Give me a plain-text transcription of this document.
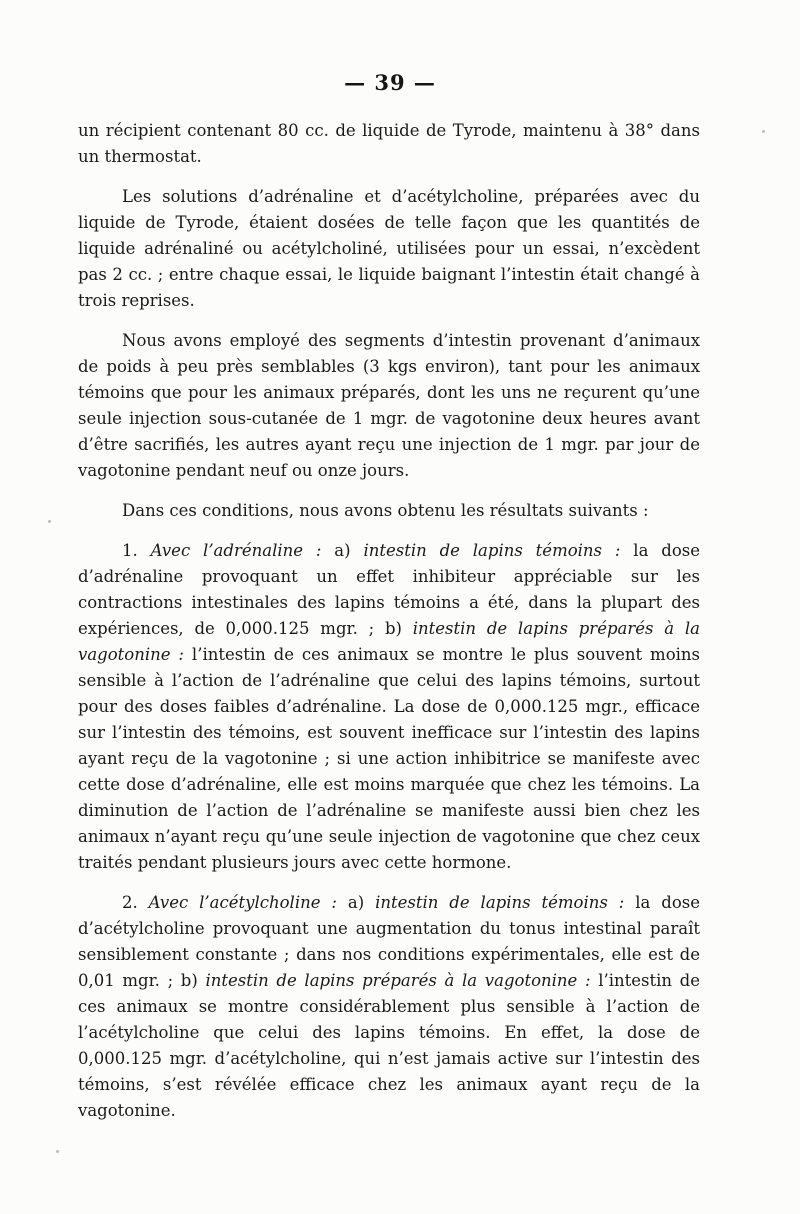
— 39 —

un récipient contenant 80 cc. de liquide de Tyrode, maintenu à 38° dans un thermostat.

Les solutions d’adrénaline et d’acétylcholine, préparées avec du liquide de Tyrode, étaient dosées de telle façon que les quantités de liquide adrénaliné ou acétylcholiné, utilisées pour un essai, n’excèdent pas 2 cc. ; entre chaque essai, le liquide baignant l’intestin était changé à trois reprises.

Nous avons employé des segments d’intestin provenant d’animaux de poids à peu près semblables (3 kgs environ), tant pour les animaux témoins que pour les animaux préparés, dont les uns ne reçurent qu’une seule injection sous-cutanée de 1 mgr. de vagotonine deux heures avant d’être sacrifiés, les autres ayant reçu une injection de 1 mgr. par jour de vagotonine pendant neuf ou onze jours.

Dans ces conditions, nous avons obtenu les résultats suivants :

1. Avec l’adrénaline : a) intestin de lapins témoins : la dose d’adrénaline provoquant un effet inhibiteur appréciable sur les contractions intestinales des lapins témoins a été, dans la plupart des expériences, de 0,000.125 mgr. ; b) intestin de lapins préparés à la vagotonine : l’intestin de ces animaux se montre le plus souvent moins sensible à l’action de l’adrénaline que celui des lapins témoins, surtout pour des doses faibles d’adrénaline. La dose de 0,000.125 mgr., efficace sur l’intestin des témoins, est souvent inefficace sur l’intestin des lapins ayant reçu de la vagotonine ; si une action inhibitrice se manifeste avec cette dose d’adrénaline, elle est moins marquée que chez les témoins. La diminution de l’action de l’adrénaline se manifeste aussi bien chez les animaux n’ayant reçu qu’une seule injection de vagotonine que chez ceux traités pendant plusieurs jours avec cette hormone.

2. Avec l’acétylcholine : a) intestin de lapins témoins : la dose d’acétylcholine provoquant une augmentation du tonus intestinal paraît sensiblement constante ; dans nos conditions expérimentales, elle est de 0,01 mgr. ; b) intestin de lapins préparés à la vagotonine : l’intestin de ces animaux se montre considérablement plus sensible à l’action de l’acétylcholine que celui des lapins témoins. En effet, la dose de 0,000.125 mgr. d’acétylcholine, qui n’est jamais active sur l’intestin des témoins, s’est révélée efficace chez les animaux ayant reçu de la vagotonine.
